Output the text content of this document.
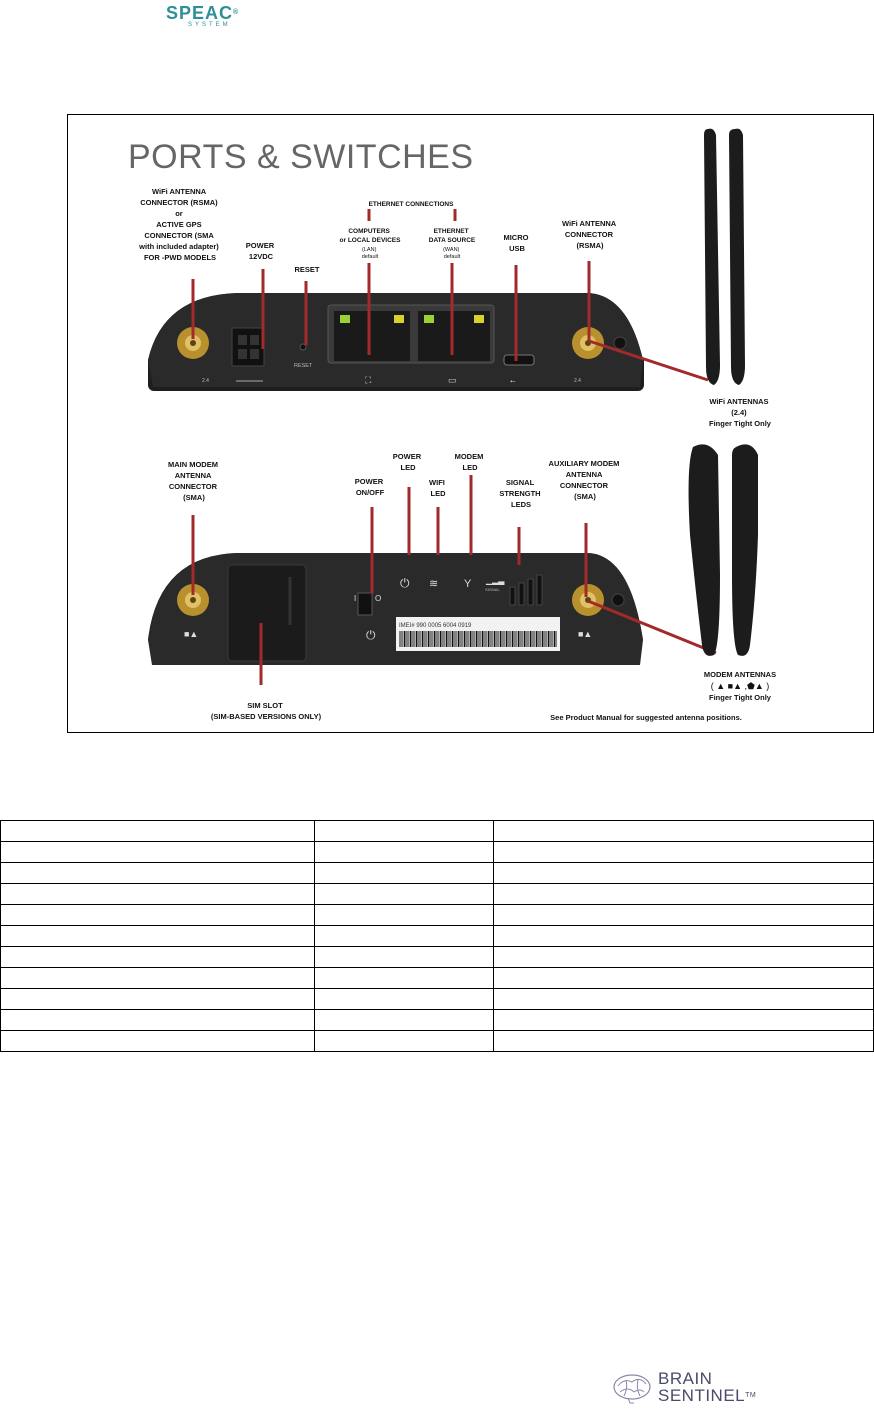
SPEAC®
SYSTEM
PORTS & SWITCHES
2.4
RESET
⛶	▭	⭠	2.4
WiFi ANTENNA CONNECTOR (RSMA) or ACTIVE GPS CONNECTOR (SMA with included adapter) FOR -PWD MODELS
POWER 12VDC
RESET
ETHERNET CONNECTIONS
COMPUTERS or LOCAL DEVICES
(LAN) default
ETHERNET DATA SOURCE
(WAN) default
MICRO USB
WiFi ANTENNA CONNECTOR (RSMA)
WiFi ANTENNAS (2.4) Finger Tight Only
■▲
I O
⏻
⏻ ≋ Y ▁▂▃
SIGNAL
IMEI# 990 0005 6004 0919
■▲
MAIN MODEM ANTENNA CONNECTOR (SMA)
POWER ON/OFF
POWER LED
WIFI LED
MODEM LED
SIGNAL STRENGTH LEDS
AUXILIARY MODEM ANTENNA CONNECTOR (SMA)
SIM SLOT (SIM-BASED VERSIONS ONLY)
MODEM ANTENNAS
( ▲ ■▲ ,⬟▲ )
Finger Tight Only
See Product Manual for suggested antenna positions.

BRAIN
SENTINEL™
